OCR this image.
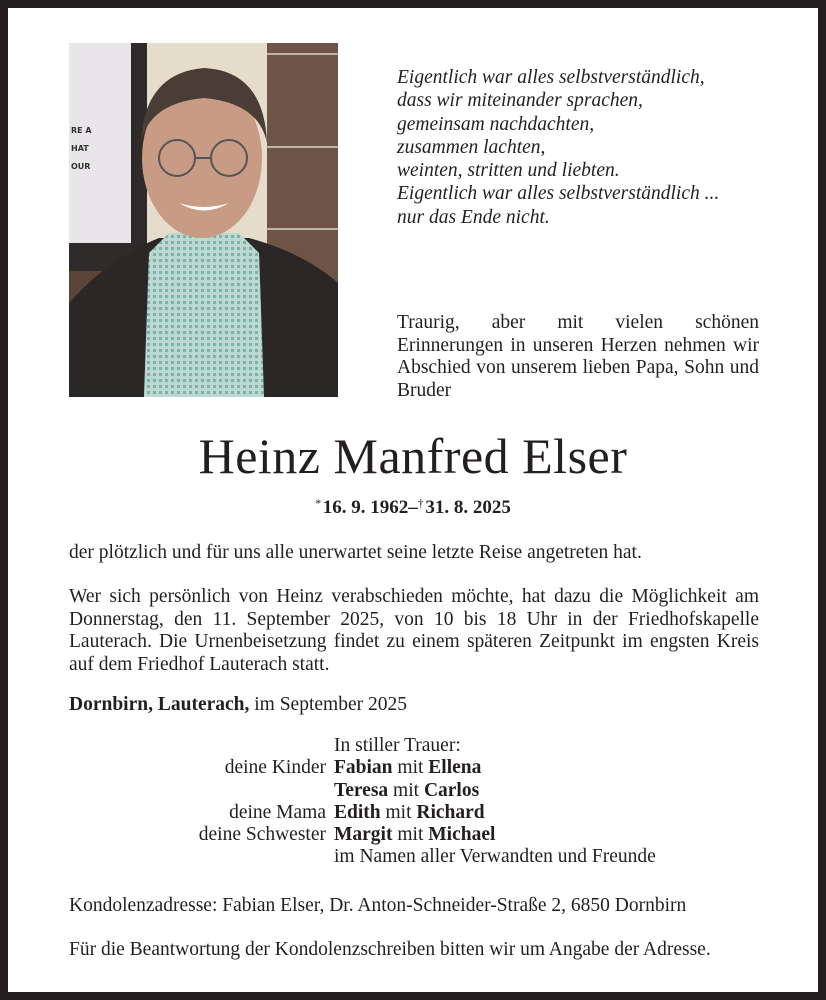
RE A
HAT
OUR
Eigentlich war alles selbstverständlich,
dass wir miteinander sprachen,
gemeinsam nachdachten,
zusammen lachten,
weinten, stritten und liebten.
Eigentlich war alles selbstverständlich ...
nur das Ende nicht.
Traurig, aber mit vielen schönen Erinnerungen in unseren Herzen nehmen wir Abschied von unserem lieben Papa, Sohn und Bruder
Heinz Manfred Elser
* 16. 9. 1962–† 31. 8. 2025
der plötzlich und für uns alle unerwartet seine letzte Reise angetreten hat.
Wer sich persönlich von Heinz verabschieden möchte, hat dazu die Möglichkeit am Donnerstag, den 11. September 2025, von 10 bis 18 Uhr in der Friedhofskapelle Lauterach. Die Urnenbeisetzung findet zu einem späteren Zeitpunkt im engsten Kreis auf dem Friedhof Lauterach statt.
Dornbirn, Lauterach, im September 2025
In stiller Trauer:
deine Kinder Fabian mit Ellena
Teresa mit Carlos
deine Mama Edith mit Richard
deine Schwester Margit mit Michael
im Namen aller Verwandten und Freunde
Kondolenzadresse: Fabian Elser, Dr. Anton-Schneider-Straße 2, 6850 Dornbirn
Für die Beantwortung der Kondolenzschreiben bitten wir um Angabe der Adresse.
